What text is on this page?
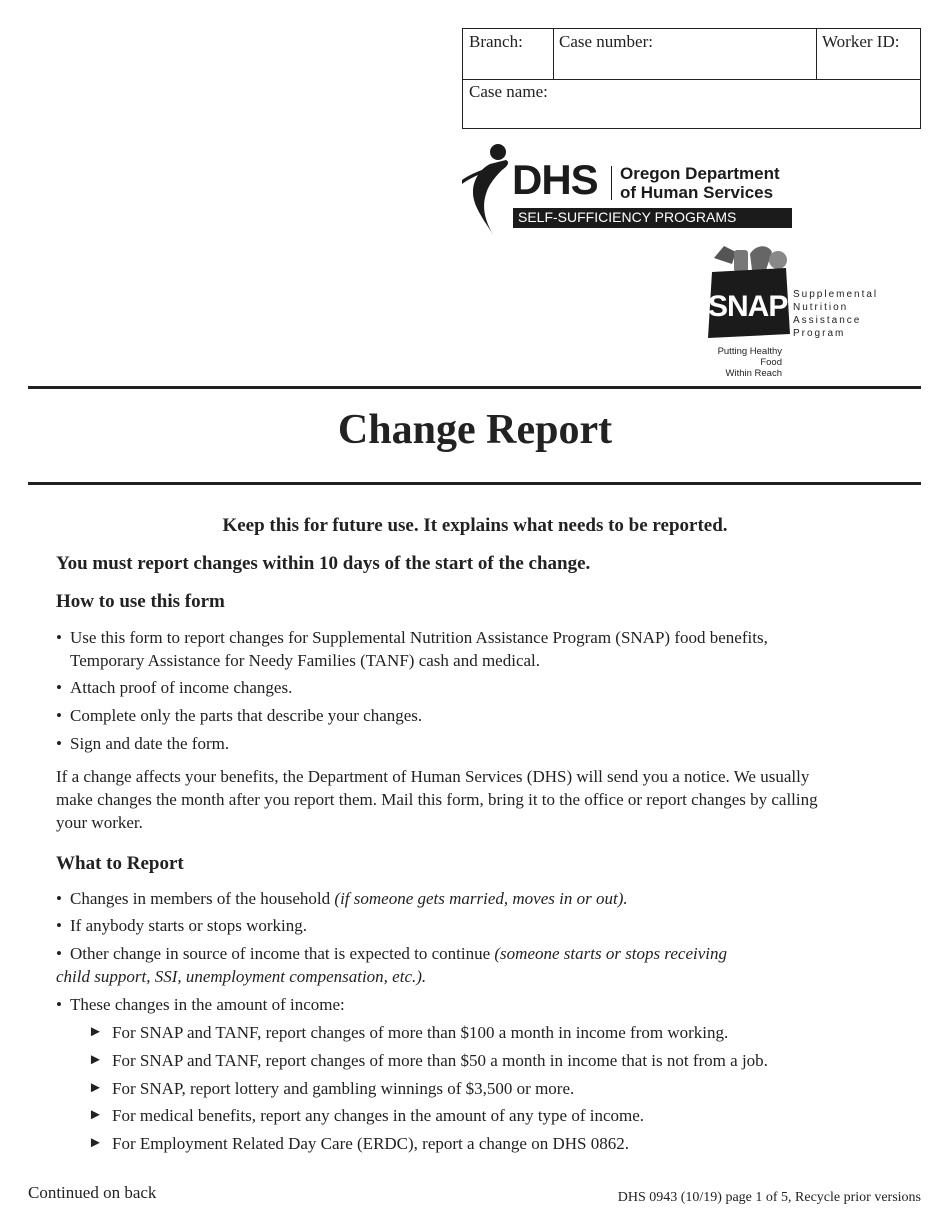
Branch:	Case number:	Worker ID:
Case name:
DHS Oregon Department
of Human Services
SELF-SUFFICIENCY PROGRAMS
SNAP Supplemental
Nutrition
Assistance
Program
Putting Healthy Food
Within Reach
Change Report
Keep this for future use. It explains what needs to be reported.
You must report changes within 10 days of the start of the change.
How to use this form
• Use this form to report changes for Supplemental Nutrition Assistance Program (SNAP) food benefits,
Temporary Assistance for Needy Families (TANF) cash and medical.
• Attach proof of income changes.
• Complete only the parts that describe your changes.
• Sign and date the form.
If a change affects your benefits, the Department of Human Services (DHS) will send you a notice. We usually
make changes the month after you report them. Mail this form, bring it to the office or report changes by calling
your worker.
What to Report
• Changes in members of the household (if someone gets married, moves in or out).
• If anybody starts or stops working.
• Other change in source of income that is expected to continue (someone starts or stops receiving
child support, SSI, unemployment compensation, etc.).
• These changes in the amount of income:
► For SNAP and TANF, report changes of more than $100 a month in income from working.
► For SNAP and TANF, report changes of more than $50 a month in income that is not from a job.
► For SNAP, report lottery and gambling winnings of $3,500 or more.
► For medical benefits, report any changes in the amount of any type of income.
► For Employment Related Day Care (ERDC), report a change on DHS 0862.
Continued on back	DHS 0943 (10/19) page 1 of 5, Recycle prior versions
